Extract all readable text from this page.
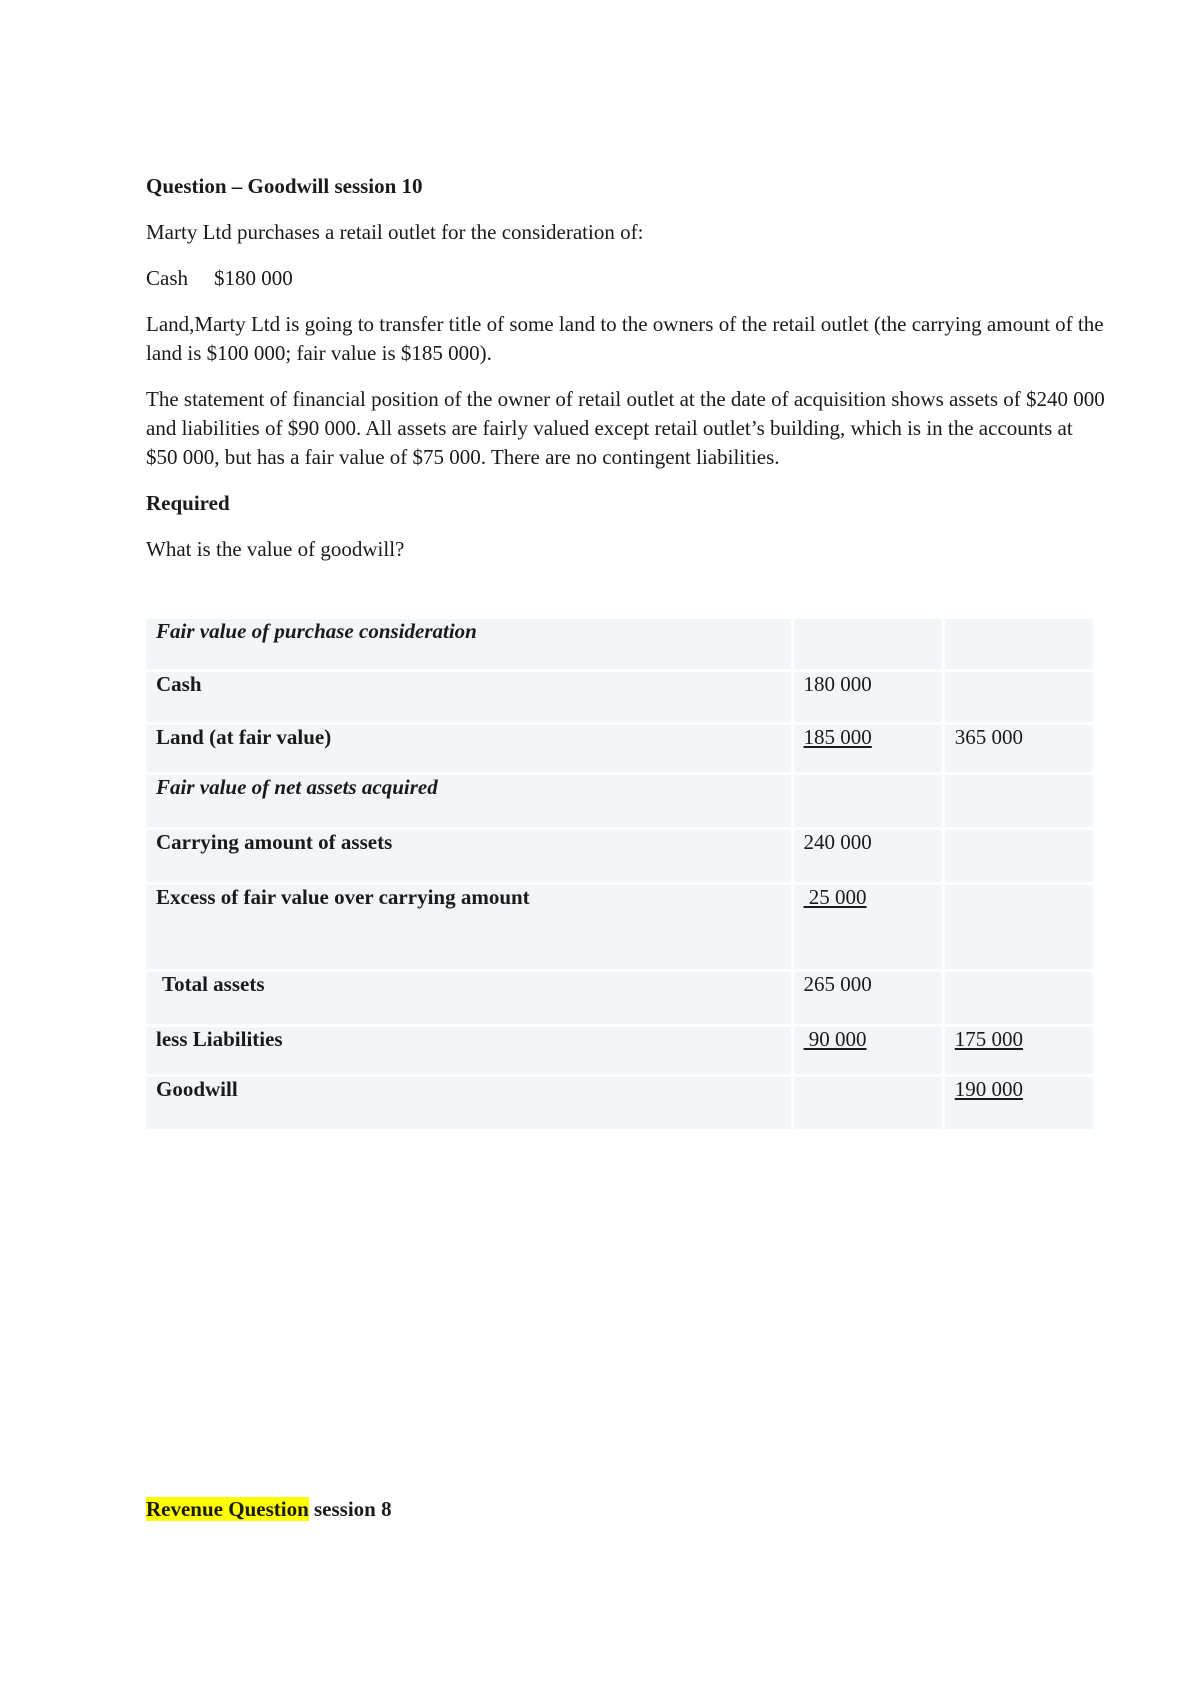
Question – Goodwill session 10

Marty Ltd purchases a retail outlet for the consideration of:

Cash $180 000

Land,Marty Ltd is going to transfer title of some land to the owners of the retail outlet (the carrying amount of the land is $100 000; fair value is $185 000).

The statement of financial position of the owner of retail outlet at the date of acquisition shows assets of $240 000 and liabilities of $90 000. All assets are fairly valued except retail outlet’s building, which is in the accounts at $50 000, but has a fair value of $75 000. There are no contingent liabilities.

Required

What is the value of goodwill?

Fair value of purchase consideration		
Cash	180 000	
Land (at fair value)	185 000	365 000
Fair value of net assets acquired		
Carrying amount of assets	240 000	
Excess of fair value over carrying amount	25 000	
Total assets	265 000	
less Liabilities	90 000	175 000
Goodwill		190 000
Revenue Question session 8
